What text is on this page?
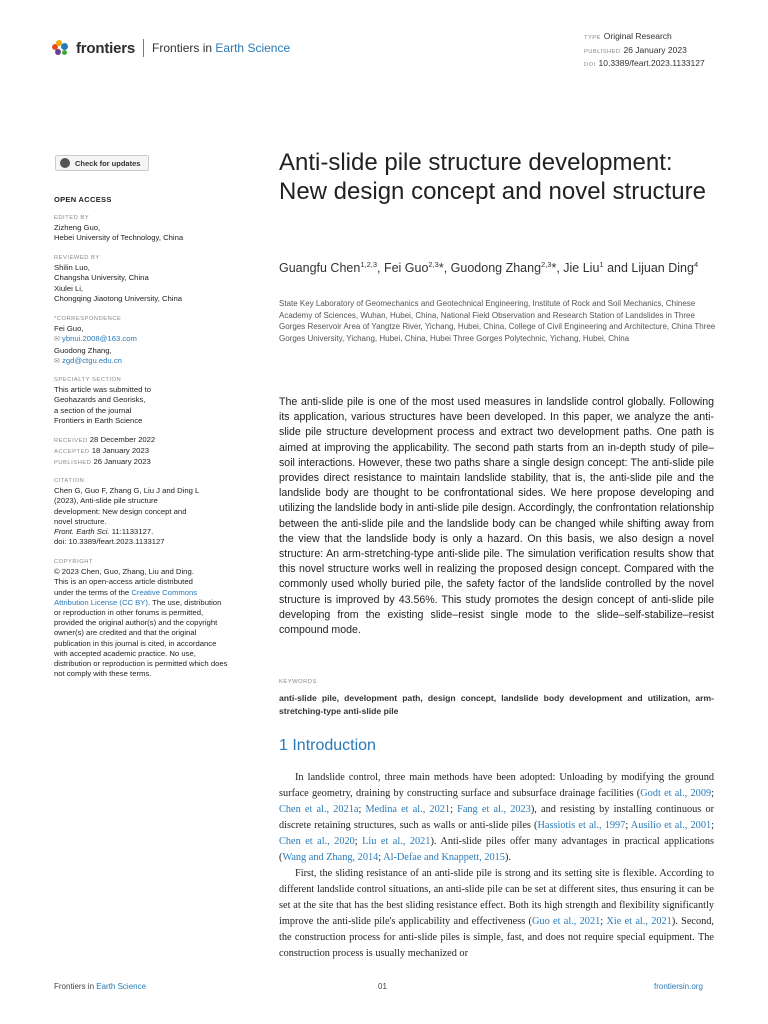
frontiers Frontiers in Earth Science
TYPE Original Research
PUBLISHED 26 January 2023
DOI 10.3389/feart.2023.1133127
Check for updates
OPEN ACCESS
EDITED BY
Zizheng Guo,
Hebei University of Technology, China
REVIEWED BY
Shilin Luo,
Changsha University, China
Xiulei Li,
Chongqing Jiaotong University, China
*CORRESPONDENCE
Fei Guo,
✉ ybnui.2008@163.com
Guodong Zhang,
✉ zgd@ctgu.edu.cn
SPECIALTY SECTION
This article was submitted to
Geohazards and Georisks,
a section of the journal
Frontiers in Earth Science
RECEIVED 28 December 2022
ACCEPTED 18 January 2023
PUBLISHED 26 January 2023
CITATION
Chen G, Guo F, Zhang G, Liu J and Ding L
(2023), Anti-slide pile structure
development: New design concept and
novel structure.
Front. Earth Sci. 11:1133127.
doi: 10.3389/feart.2023.1133127
COPYRIGHT
© 2023 Chen, Guo, Zhang, Liu and Ding.
This is an open-access article distributed
under the terms of the Creative Commons Attribution License (CC BY). The use, distribution or reproduction in other forums is permitted, provided the original author(s) and the copyright owner(s) are credited and that the original publication in this journal is cited, in accordance with accepted academic practice. No use, distribution or reproduction is permitted which does not comply with these terms.
Anti-slide pile structure development: New design concept and novel structure
Guangfu Chen$^{1,2,3}$, Fei Guo$^{2,3}$*, Guodong Zhang$^{2,3}$*, Jie Liu$^1$ and Lijuan Ding$^4$
State Key Laboratory of Geomechanics and Geotechnical Engineering, Institute of Rock and Soil Mechanics, Chinese Academy of Sciences, Wuhan, Hubei, China, National Field Observation and Research Station of Landslides in Three Gorges Reservoir Area of Yangtze River, Yichang, Hubei, China, College of Civil Engineering and Architecture, China Three Gorges University, Yichang, Hubei, China, Hubei Three Gorges Polytechnic, Yichang, Hubei, China
The anti-slide pile is one of the most used measures in landslide control globally. Following its application, various structures have been developed. In this paper, we analyze the anti-slide pile structure development process and extract two development paths. One path is aimed at improving the applicability. The second path starts from an in-depth study of pile–soil interactions. However, these two paths share a single design concept: The anti-slide pile provides direct resistance to maintain landslide stability, that is, the anti-slide pile and the landslide body are thought to be confrontational sides. We here propose developing and utilizing the landslide body in anti-slide pile design. Accordingly, the confrontation relationship between the anti-slide pile and the landslide body can be changed while shifting away from the view that the landslide body is only a hazard. On this basis, we also design a novel structure: An arm-stretching-type anti-slide pile. The simulation verification results show that this novel structure works well in realizing the proposed design concept. Compared with the commonly used wholly buried pile, the safety factor of the landslide controlled by the novel structure is improved by 43.56%. This study promotes the design concept of anti-slide pile developing from the existing slide–resist single mode to the slide–self-stabilize–resist compound mode.
KEYWORDS
anti-slide pile, development path, design concept, landslide body development and utilization, arm-stretching-type anti-slide pile
1 Introduction

In landslide control, three main methods have been adopted: Unloading by modifying the ground surface geometry, draining by constructing surface and subsurface drainage facilities (Godt et al., 2009; Chen et al., 2021a; Medina et al., 2021; Fang et al., 2023), and resisting by installing continuous or discrete retaining structures, such as walls or anti-slide piles (Hassiotis et al., 1997; Ausilio et al., 2001; Chen et al., 2020; Liu et al., 2021). Anti-slide piles offer many advantages in practical applications (Wang and Zhang, 2014; Al-Defae and Knappett, 2015).

First, the sliding resistance of an anti-slide pile is strong and its setting site is flexible. According to different landslide control situations, an anti-slide pile can be set at different sites, thus ensuring it can be set at the site that has the best sliding resistance effect. Both its high strength and flexibility significantly improve the anti-slide pile's applicability and effectiveness (Guo et al., 2021; Xie et al., 2021). Second, the construction process for anti-slide piles is simple, fast, and does not require special equipment. The construction process is usually mechanized or

Frontiers in Earth Science	01	frontiersin.org
